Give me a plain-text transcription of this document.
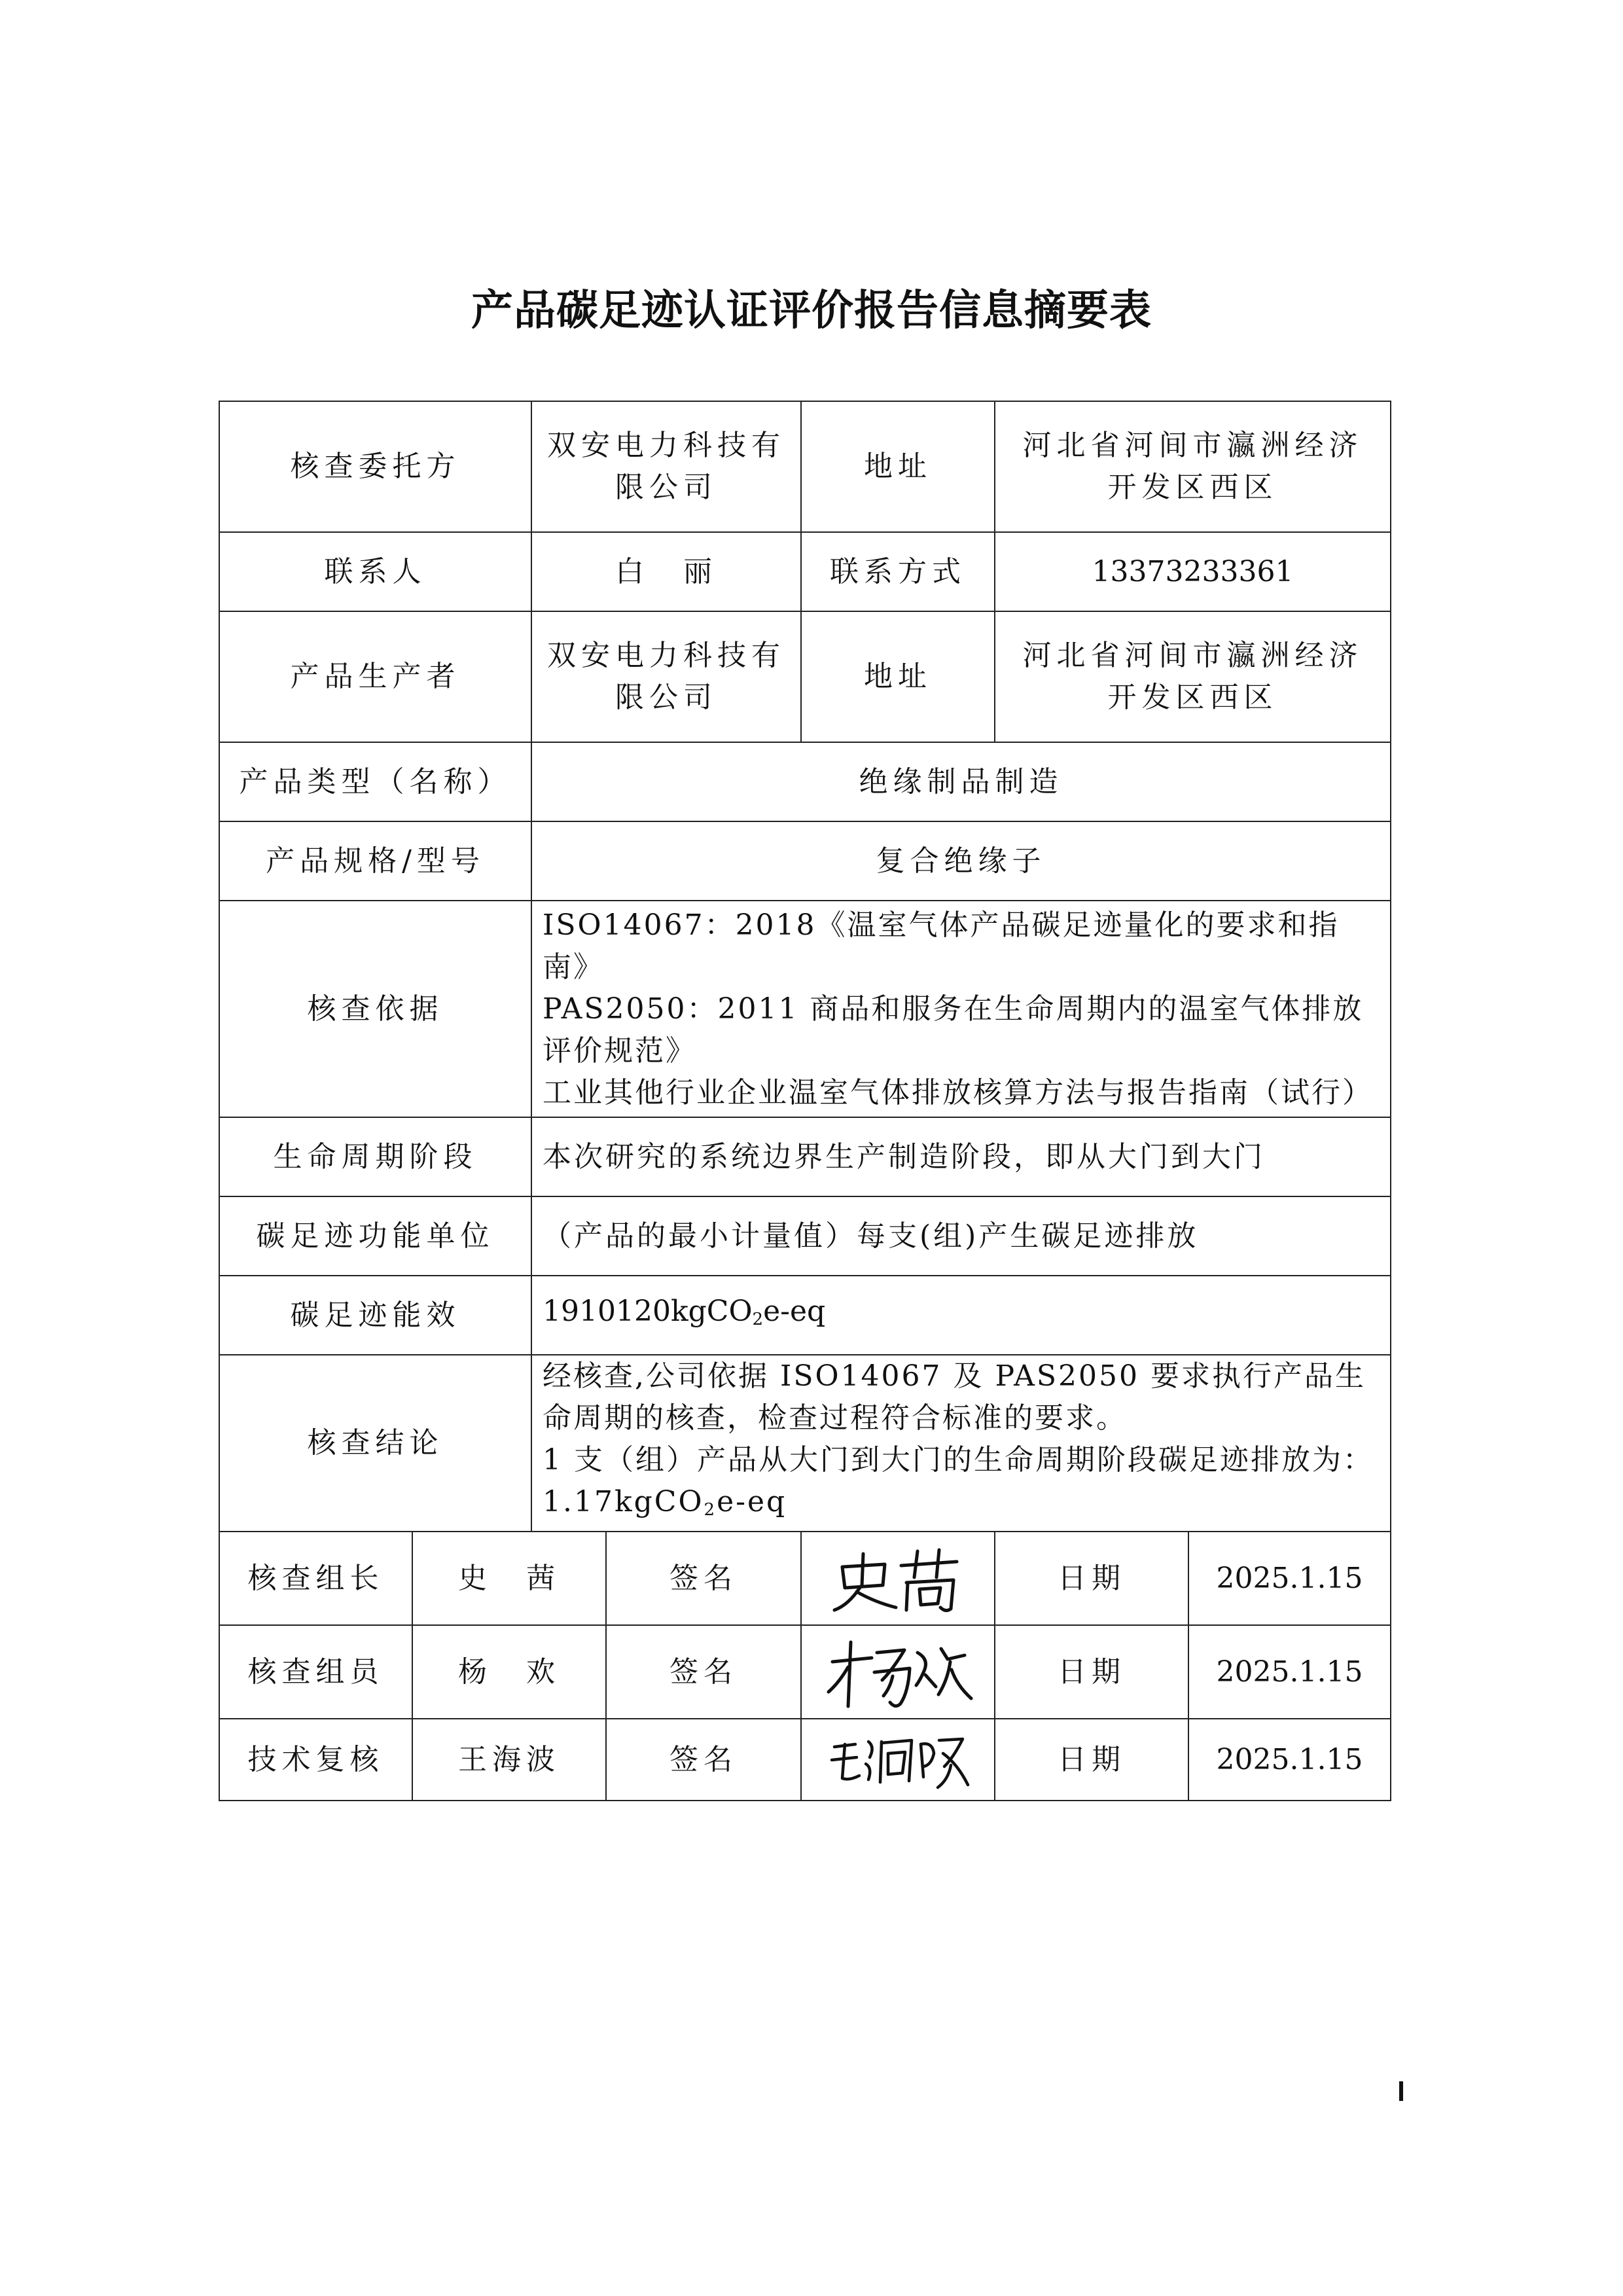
产品碳足迹认证评价报告信息摘要表
核查委托方		双安电力科技有限公司		地址	河北省河间市瀛洲经济开发区西区	
联系人		白　丽		联系方式	13373233361	
产品生产者		双安电力科技有限公司		地址	河北省河间市瀛洲经济开发区西区	
产品类型（名称）		绝缘制品制造				
产品规格/型号		复合绝缘子				
核查依据		ISO14067：2018《温室气体产品碳足迹量化的要求和指南》
PAS2050：2011 商品和服务在生命周期内的温室气体排放评价规范》
工业其他行业企业温室气体排放核算方法与报告指南（试行）				

生命周期阶段		本次研究的系统边界生产制造阶段，即从大门到大门				
碳足迹功能单位		（产品的最小计量值）每支(组)产生碳足迹排放				
碳足迹能效		1910120kgCO$_2$e-eq				
核查结论		经核查,公司依据 ISO14067 及 PAS2050 要求执行产品生命周期的核查，检查过程符合标准的要求。
1 支（组）产品从大门到大门的生命周期阶段碳足迹排放为：1.17kgCO$_2$e-eq				

核查组长	史　茜		签名		日期	2025.1.15
核查组员	杨　欢		签名		日期	2025.1.15
技术复核	王海波		签名		日期	2025.1.15
